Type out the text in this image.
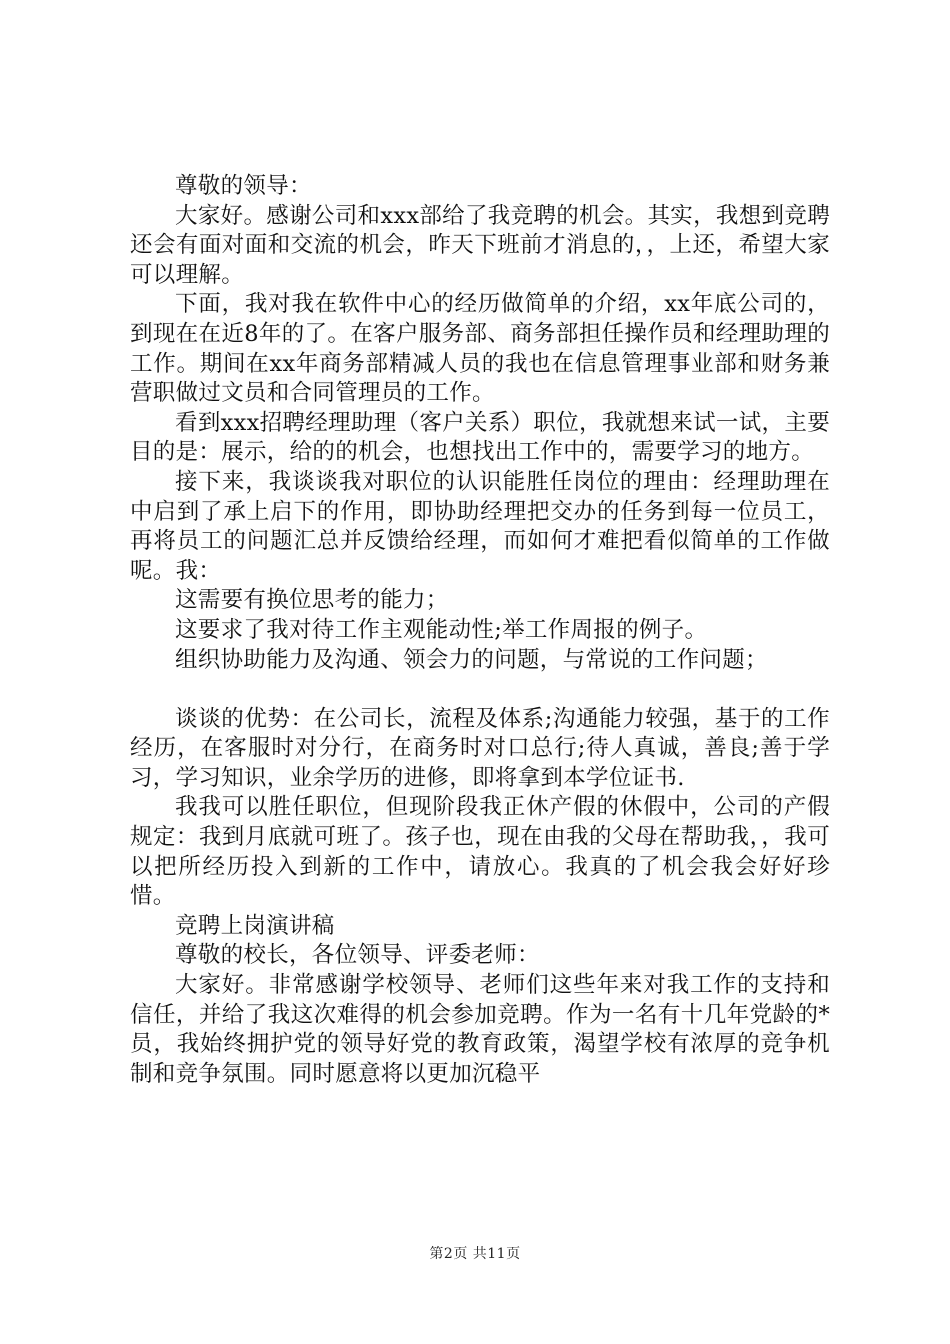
尊敬的领导：

大家好。感谢公司和xxx部给了我竞聘的机会。其实，我想到竞聘还会有面对面和交流的机会，昨天下班前才消息的，，上还，希望大家可以理解。

下面，我对我在软件中心的经历做简单的介绍，xx年底公司的，到现在在近8年的了。在客户服务部、商务部担任操作员和经理助理的工作。期间在xx年商务部精减人员的我也在信息管理事业部和财务兼营职做过文员和合同管理员的工作。

看到xxx招聘经理助理（客户关系）职位，我就想来试一试，主要目的是：展示，给的的机会，也想找出工作中的，需要学习的地方。

接下来，我谈谈我对职位的认识能胜任岗位的理由：经理助理在中启到了承上启下的作用，即协助经理把交办的任务到每一位员工，再将员工的问题汇总并反馈给经理，而如何才难把看似简单的工作做呢。我：

这需要有换位思考的能力；

这要求了我对待工作主观能动性;举工作周报的例子。

组织协助能力及沟通、领会力的问题，与常说的工作问题；

谈谈的优势：在公司长，流程及体系;沟通能力较强，基于的工作经历，在客服时对分行，在商务时对口总行;待人真诚，善良;善于学习，学习知识，业余学历的进修，即将拿到本学位证书.

我我可以胜任职位，但现阶段我正休产假的休假中，公司的产假规定：我到月底就可班了。孩子也，现在由我的父母在帮助我，，我可以把所经历投入到新的工作中，请放心。我真的了机会我会好好珍惜。

竞聘上岗演讲稿

尊敬的校长，各位领导、评委老师：

大家好。非常感谢学校领导、老师们这些年来对我工作的支持和信任，并给了我这次难得的机会参加竞聘。作为一名有十几年党龄的*员，我始终拥护党的领导好党的教育政策，渴望学校有浓厚的竞争机制和竞争氛围。同时愿意将以更加沉稳平

第2页 共11页
